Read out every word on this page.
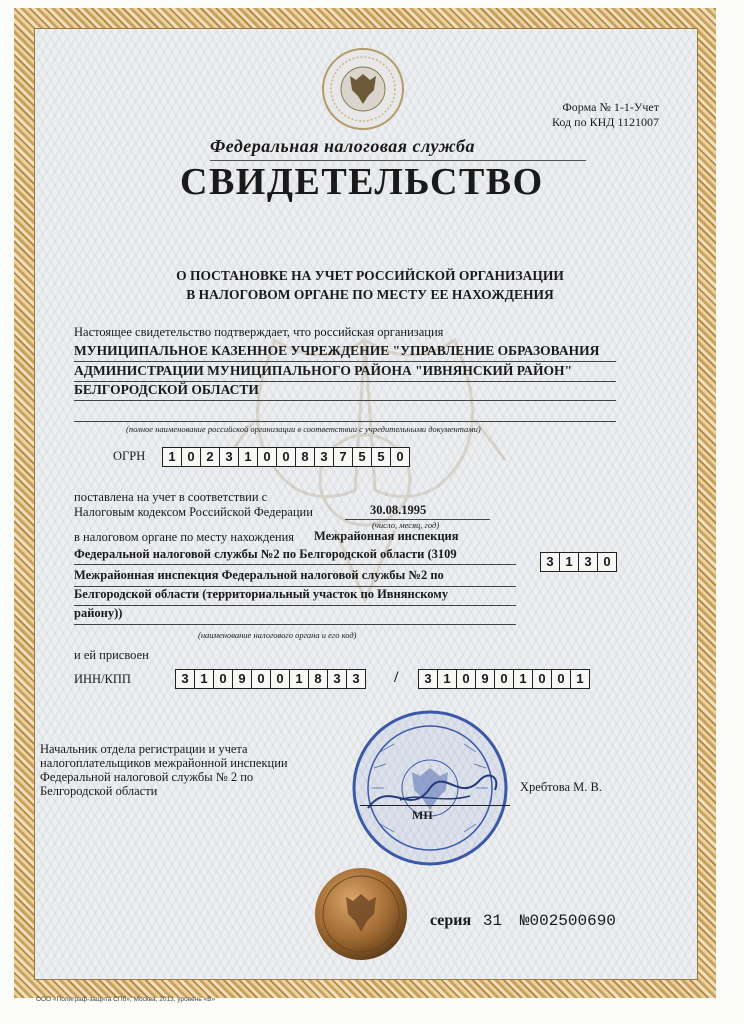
Форма № 1-1-Учет
Код по КНД 1121007
Федеральная налоговая служба
СВИДЕТЕЛЬСТВО
О ПОСТАНОВКЕ НА УЧЕТ РОССИЙСКОЙ ОРГАНИЗАЦИИ
В НАЛОГОВОМ ОРГАНЕ ПО МЕСТУ ЕЕ НАХОЖДЕНИЯ
Настоящее свидетельство подтверждает, что российская организация
МУНИЦИПАЛЬНОЕ КАЗЕННОЕ УЧРЕЖДЕНИЕ "УПРАВЛЕНИЕ ОБРАЗОВАНИЯ
АДМИНИСТРАЦИИ МУНИЦИПАЛЬНОГО РАЙОНА "ИВНЯНСКИЙ РАЙОН"
БЕЛГОРОДСКОЙ ОБЛАСТИ
(полное наименование российской организации в соответствии с учредительными документами)
ОГРН	1 0 2 3 1 0 0 8 3 7 5 5 0
поставлена на учет в соответствии с
Налоговым кодексом Российской Федерации	30.08.1995
(число, месяц, год)
в налоговом органе по месту нахождения Межрайонная инспекция
Федеральной налоговой службы №2 по Белгородской области (3109
Межрайонная инспекция Федеральной налоговой службы №2 по
Белгородской области (территориальный участок по Ивнянскому
району))
(наименование налогового органа и его код)
3 1 3 0
и ей присвоен
ИНН/КПП	3 1 0 9 0 0 1 8 3 3	/	3 1 0 9 0 1 0 0 1
Начальник отдела регистрации и учета
налогоплательщиков межрайонной инспекции
Федеральной налоговой службы № 2 по
Белгородской области
МП
Хребтова М. В.
серия 31 №002500690
ООО «Полиграф-защита СПб», Москва, 2013, уровень «В»
